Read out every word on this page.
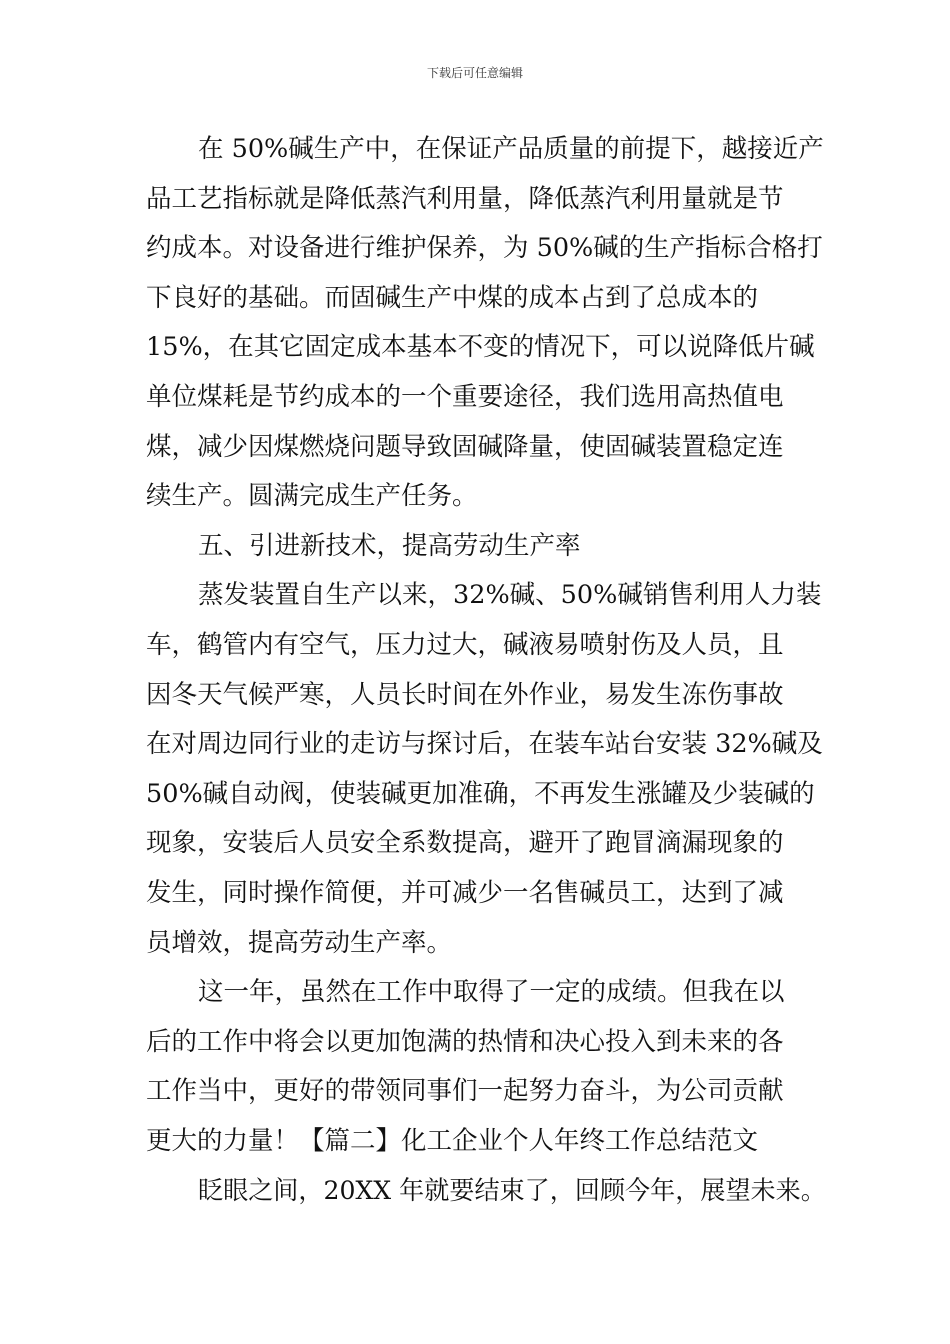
下载后可任意编辑
在 50%碱生产中，在保证产品质量的前提下，越接近产
品工艺指标就是降低蒸汽利用量，降低蒸汽利用量就是节
约成本。对设备进行维护保养，为 50%碱的生产指标合格打
下良好的基础。而固碱生产中煤的成本占到了总成本的
15%，在其它固定成本基本不变的情况下，可以说降低片碱
单位煤耗是节约成本的一个重要途径，我们选用高热值电
煤，减少因煤燃烧问题导致固碱降量，使固碱装置稳定连
续生产。圆满完成生产任务。
五、引进新技术，提高劳动生产率
蒸发装置自生产以来，32%碱、50%碱销售利用人力装
车，鹤管内有空气，压力过大，碱液易喷射伤及人员，且
因冬天气候严寒，人员长时间在外作业，易发生冻伤事故
在对周边同行业的走访与探讨后，在装车站台安装 32%碱及
50%碱自动阀，使装碱更加准确，不再发生涨罐及少装碱的
现象，安装后人员安全系数提高，避开了跑冒滴漏现象的
发生，同时操作简便，并可减少一名售碱员工，达到了减
员增效，提高劳动生产率。
这一年，虽然在工作中取得了一定的成绩。但我在以
后的工作中将会以更加饱满的热情和决心投入到未来的各
工作当中，更好的带领同事们一起努力奋斗，为公司贡献
更大的力量！【篇二】化工企业个人年终工作总结范文
眨眼之间，20XX 年就要结束了，回顾今年，展望未来。
